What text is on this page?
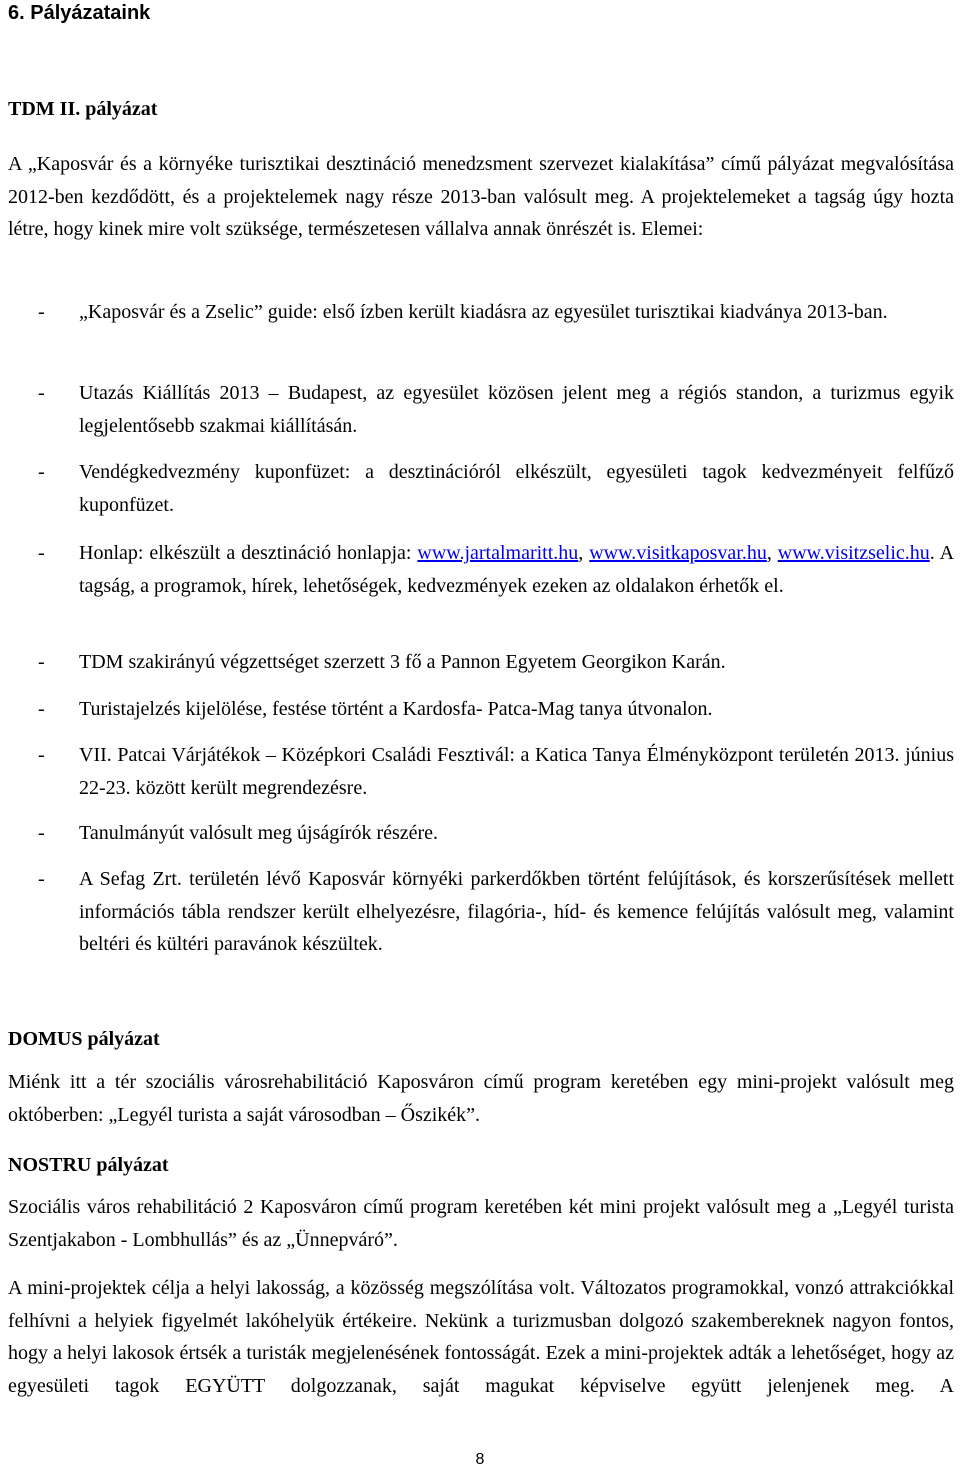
6. Pályázataink
TDM II. pályázat
A „Kaposvár és a környéke turisztikai desztináció menedzsment szervezet kialakítása” című pályázat megvalósítása 2012-ben kezdődött, és a projektelemek nagy része 2013-ban valósult meg. A projektelemeket a tagság úgy hozta létre, hogy kinek mire volt szüksége, természetesen vállalva annak önrészét is. Elemei:
- „Kaposvár és a Zselic” guide: első ízben került kiadásra az egyesület turisztikai kiadványa 2013-ban.
- Utazás Kiállítás 2013 – Budapest, az egyesület közösen jelent meg a régiós standon, a turizmus egyik legjelentősebb szakmai kiállításán.
- Vendégkedvezmény kuponfüzet: a desztinációról elkészült, egyesületi tagok kedvezményeit felfűző kuponfüzet.
- Honlap: elkészült a desztináció honlapja: www.jartalmaritt.hu, www.visitkaposvar.hu, www.visitzselic.hu. A tagság, a programok, hírek, lehetőségek, kedvezmények ezeken az oldalakon érhetők el.
- TDM szakirányú végzettséget szerzett 3 fő a Pannon Egyetem Georgikon Karán.
- Turistajelzés kijelölése, festése történt a Kardosfa- Patca-Mag tanya útvonalon.
- VII. Patcai Várjátékok – Középkori Családi Fesztivál: a Katica Tanya Élményközpont területén 2013. június 22-23. között került megrendezésre.
- Tanulmányút valósult meg újságírók részére.
- A Sefag Zrt. területén lévő Kaposvár környéki parkerdőkben történt felújítások, és korszerűsítések mellett információs tábla rendszer került elhelyezésre, filagória-, híd- és kemence felújítás valósult meg, valamint beltéri és kültéri paravánok készültek.
DOMUS pályázat
Miénk itt a tér szociális városrehabilitáció Kaposváron című program keretében egy mini-projekt valósult meg októberben: „Legyél turista a saját városodban – Őszikék”.
NOSTRU pályázat
Szociális város rehabilitáció 2 Kaposváron című program keretében két mini projekt valósult meg a „Legyél turista Szentjakabon - Lombhullás” és az „Ünnepváró”.
A mini-projektek célja a helyi lakosság, a közösség megszólítása volt. Változatos programokkal, vonzó attrakciókkal felhívni a helyiek figyelmét lakóhelyük értékeire. Nekünk a turizmusban dolgozó szakembereknek nagyon fontos, hogy a helyi lakosok értsék a turisták megjelenésének fontosságát. Ezek a mini-projektek adták a lehetőséget, hogy az egyesületi tagok EGYÜTT dolgozzanak, saját magukat képviselve együtt jelenjenek meg. A
8
